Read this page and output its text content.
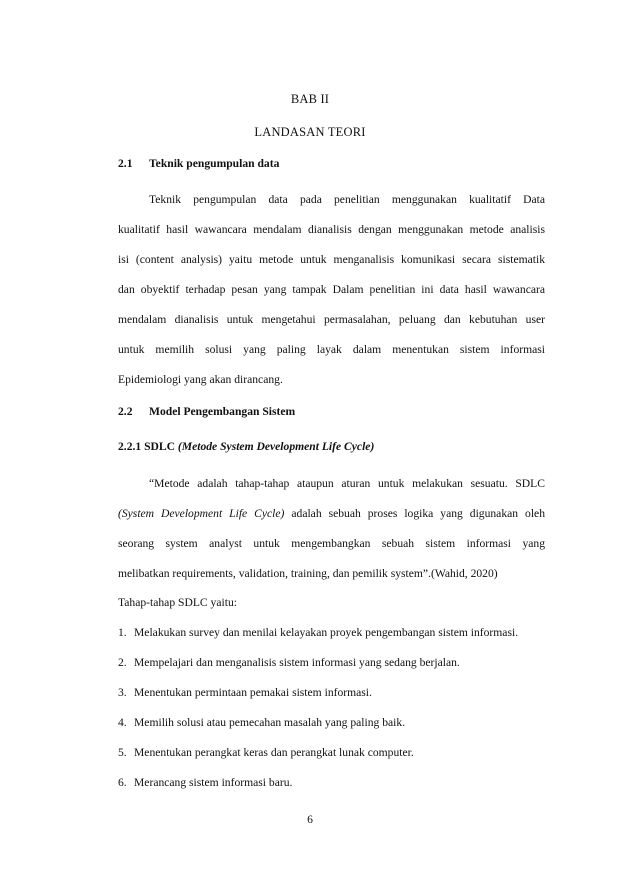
BAB II
LANDASAN TEORI
2.1 Teknik pengumpulan data
Teknik pengumpulan data pada penelitian menggunakan kualitatif Data
kualitatif hasil wawancara mendalam dianalisis dengan menggunakan metode analisis
isi (content analysis) yaitu metode untuk menganalisis komunikasi secara sistematik
dan obyektif terhadap pesan yang tampak Dalam penelitian ini data hasil wawancara
mendalam dianalisis untuk mengetahui permasalahan, peluang dan kebutuhan user
untuk memilih solusi yang paling layak dalam menentukan sistem informasi
Epidemiologi yang akan dirancang.
2.2 Model Pengembangan Sistem
2.2.1 SDLC (Metode System Development Life Cycle)
“Metode adalah tahap-tahap ataupun aturan untuk melakukan sesuatu. SDLC
(System Development Life Cycle) adalah sebuah proses logika yang digunakan oleh
seorang system analyst untuk mengembangkan sebuah sistem informasi yang
melibatkan requirements, validation, training, dan pemilik system”.(Wahid, 2020)
Tahap-tahap SDLC yaitu:
1. Melakukan survey dan menilai kelayakan proyek pengembangan sistem informasi.
2. Mempelajari dan menganalisis sistem informasi yang sedang berjalan.
3. Menentukan permintaan pemakai sistem informasi.
4. Memilih solusi atau pemecahan masalah yang paling baik.
5. Menentukan perangkat keras dan perangkat lunak computer.
6. Merancang sistem informasi baru.
6
